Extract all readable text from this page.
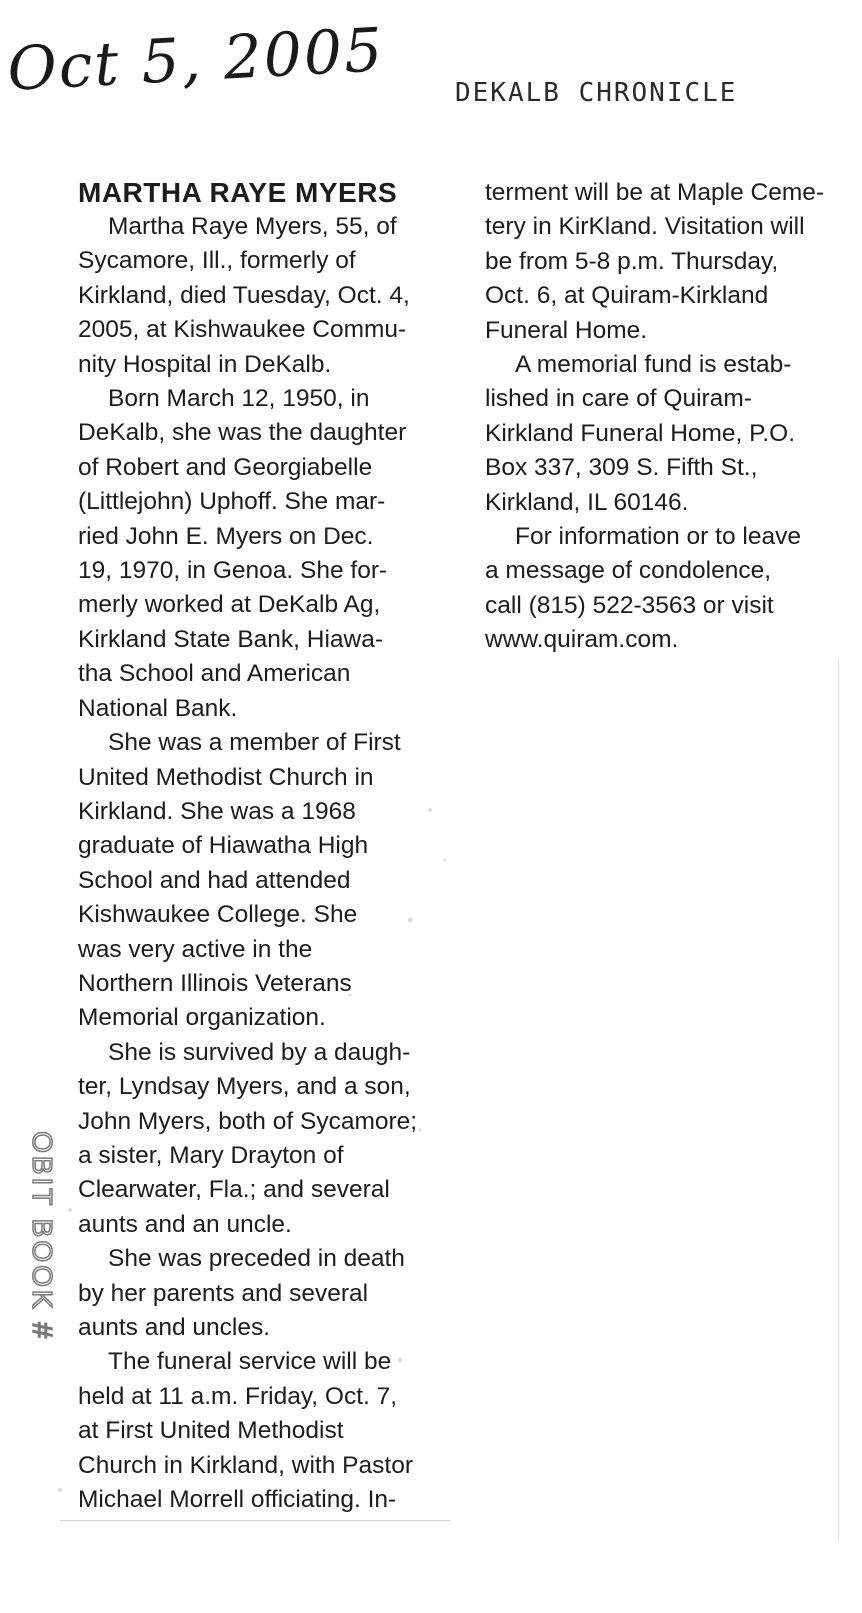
Oct 5, 2005	DEKALB CHRONICLE
MARTHA RAYE MYERS
Martha Raye Myers, 55, of
Sycamore, Ill., formerly of
Kirkland, died Tuesday, Oct. 4,
2005, at Kishwaukee Commu-
nity Hospital in DeKalb.
Born March 12, 1950, in
DeKalb, she was the daughter
of Robert and Georgiabelle
(Littlejohn) Uphoff. She mar-
ried John E. Myers on Dec.
19, 1970, in Genoa. She for-
merly worked at DeKalb Ag,
Kirkland State Bank, Hiawa-
tha School and American
National Bank.
She was a member of First
United Methodist Church in
Kirkland. She was a 1968
graduate of Hiawatha High
School and had attended
Kishwaukee College. She
was very active in the
Northern Illinois Veterans
Memorial organization.
She is survived by a daugh-
ter, Lyndsay Myers, and a son,
John Myers, both of Sycamore;
a sister, Mary Drayton of
Clearwater, Fla.; and several
aunts and an uncle.
She was preceded in death
by her parents and several
aunts and uncles.
The funeral service will be
held at 11 a.m. Friday, Oct. 7,
at First United Methodist
Church in Kirkland, with Pastor
Michael Morrell officiating. In-
terment will be at Maple Ceme-
tery in KirKland. Visitation will
be from 5-8 p.m. Thursday,
Oct. 6, at Quiram-Kirkland
Funeral Home.
A memorial fund is estab-
lished in care of Quiram-
Kirkland Funeral Home, P.O.
Box 337, 309 S. Fifth St.,
Kirkland, IL 60146.
For information or to leave
a message of condolence,
call (815) 522-3563 or visit
www.quiram.com.
OBIT BOOK #
